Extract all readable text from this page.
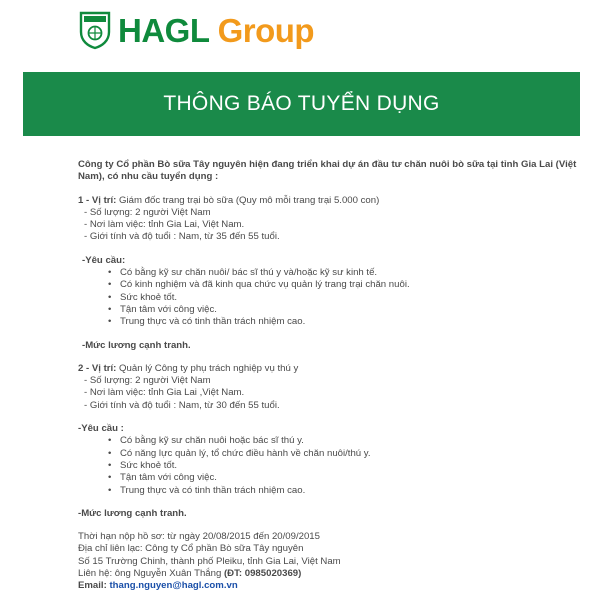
HAGL Group
THÔNG BÁO TUYỂN DỤNG

Công ty Cổ phần Bò sữa Tây nguyên hiện đang triển khai dự án đầu tư chăn nuôi bò sữa tại tỉnh Gia Lai (Việt Nam), có nhu cầu tuyển dụng :

1 - Vị trí: Giám đốc trang trại bò sữa (Quy mô mỗi trang trại 5.000 con)

- Số lượng: 2 người Việt Nam

- Nơi làm việc: tỉnh Gia Lai, Việt Nam.

- Giới tính và độ tuổi : Nam, từ 35 đến 55 tuổi.

-Yêu cầu:

• Có bằng kỹ sư chăn nuôi/ bác sĩ thú y và/hoặc kỹ sư kinh tế.
• Có kinh nghiệm và đã kinh qua chức vụ quản lý trang trại chăn nuôi.
• Sức khoẻ tốt.
• Tận tâm với công việc.
• Trung thực và có tinh thần trách nhiệm cao.

-Mức lương cạnh tranh.

2 - Vị trí: Quản lý Công ty phụ trách nghiệp vụ thú y

- Số lượng: 2 người Việt Nam

- Nơi làm việc: tỉnh Gia Lai ,Việt Nam.

- Giới tính và độ tuổi : Nam, từ 30 đến 55 tuổi.

-Yêu cầu :

• Có bằng kỹ sư chăn nuôi hoặc bác sĩ thú y.
• Có năng lực quản lý, tổ chức điều hành về chăn nuôi/thú y.
• Sức khoẻ tốt.
• Tận tâm với công việc.
• Trung thực và có tinh thần trách nhiệm cao.

-Mức lương cạnh tranh.

Thời hạn nộp hồ sơ: từ ngày 20/08/2015 đến 20/09/2015

Địa chỉ liên lạc: Công ty Cổ phần Bò sữa Tây nguyên

Số 15 Trường Chinh, thành phố Pleiku, tỉnh Gia Lai, Việt Nam

Liên hệ: ông Nguyễn Xuân Thắng (ĐT: 0985020369)

Email: thang.nguyen@hagl.com.vn
